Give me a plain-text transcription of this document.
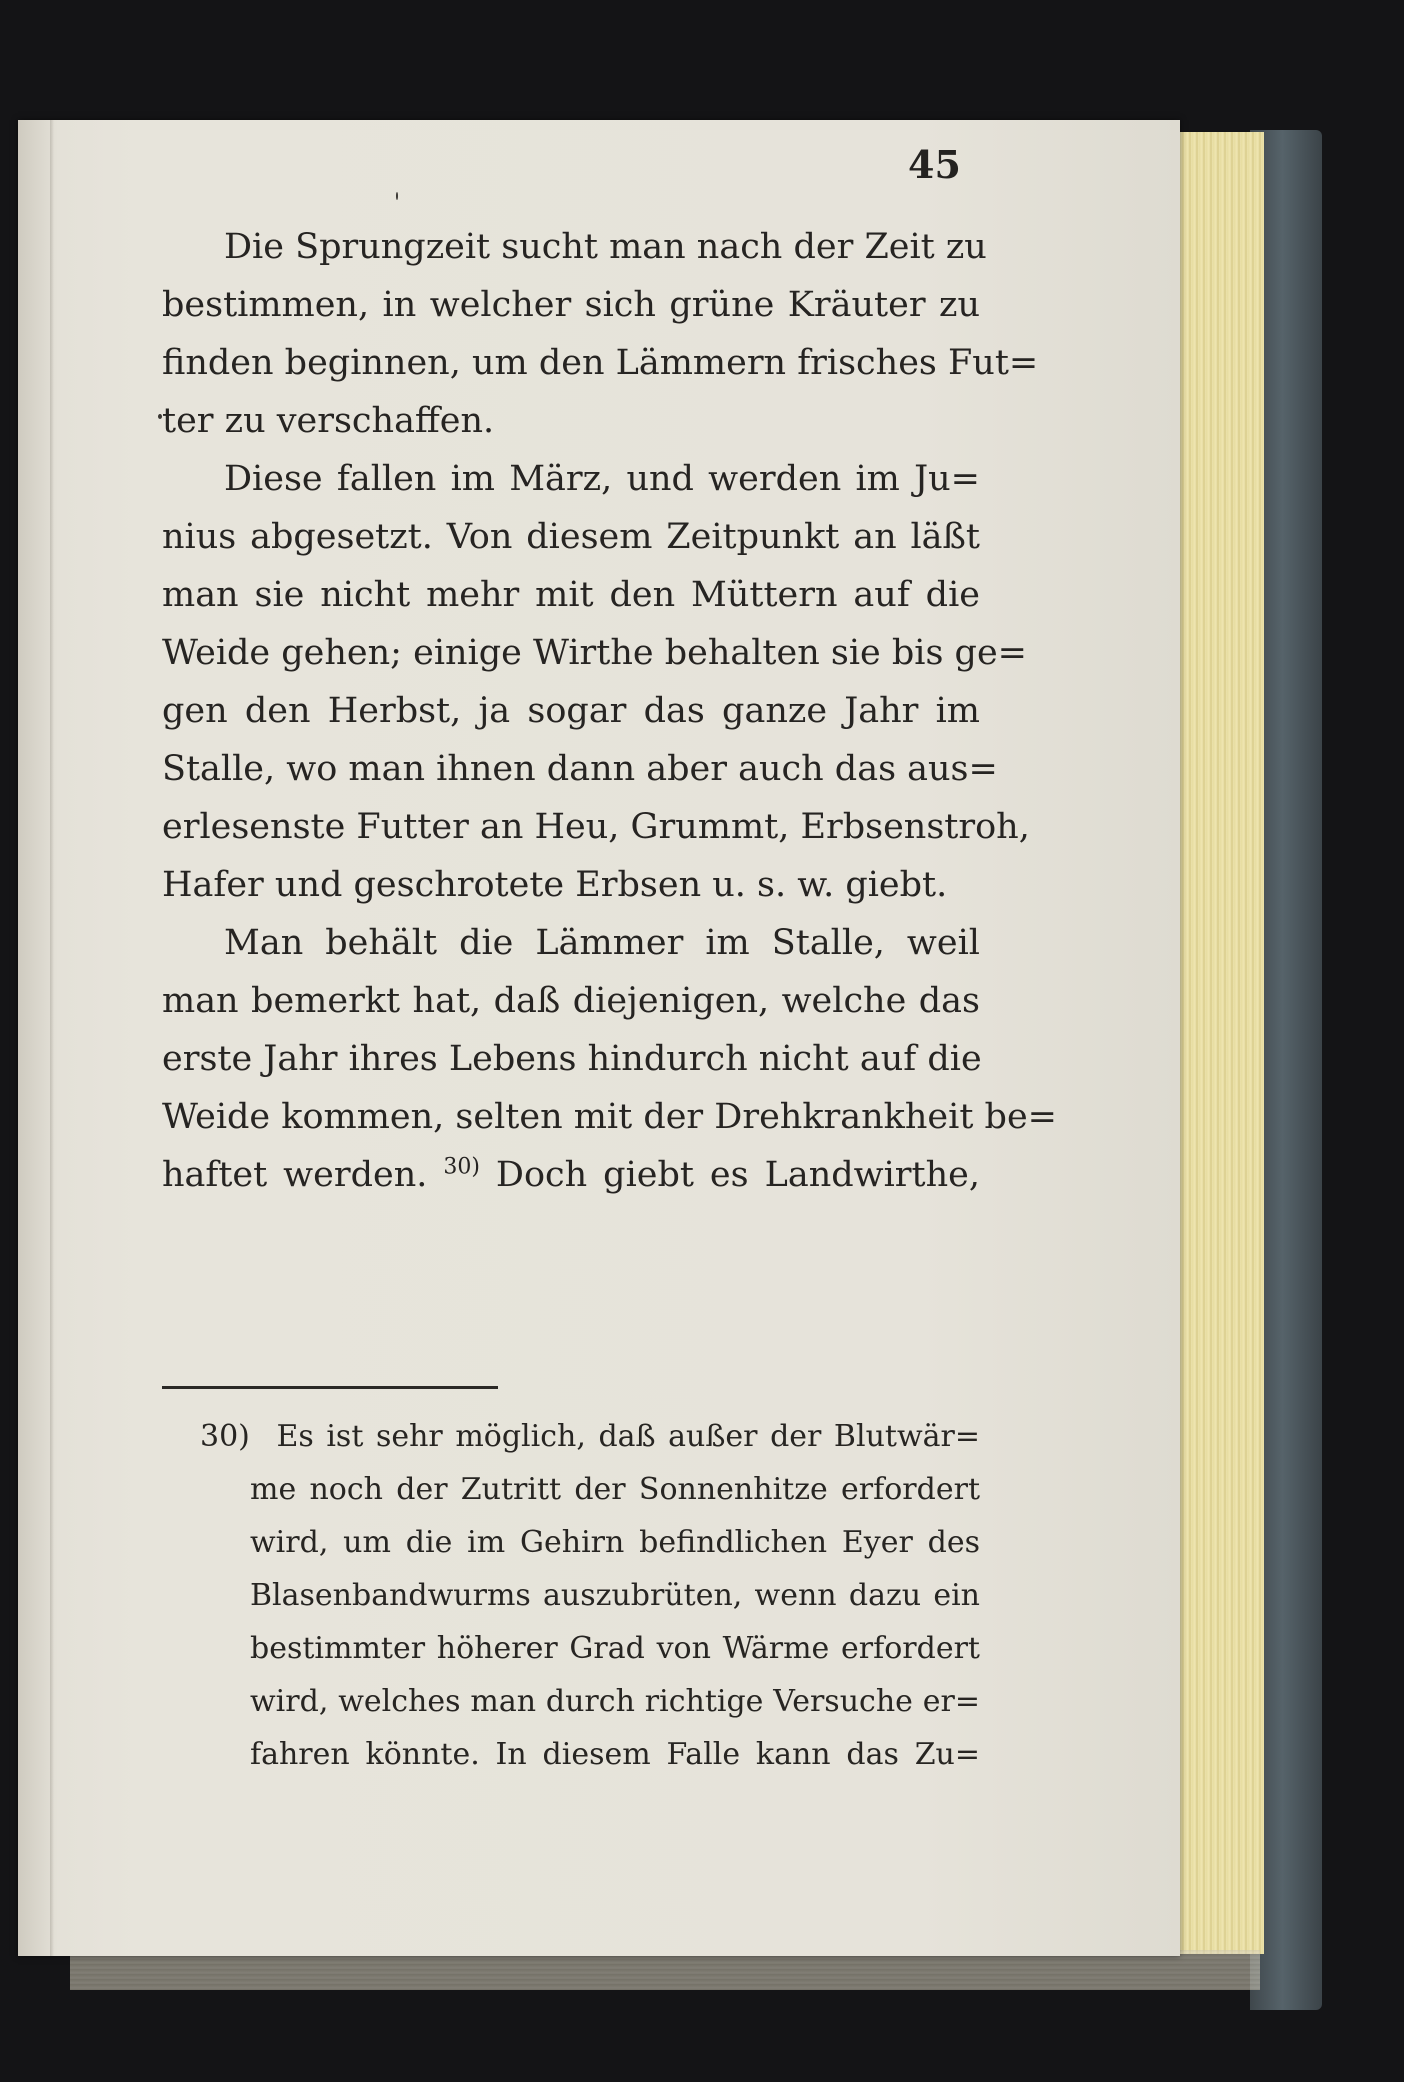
45
Die Sprungzeit sucht man nach der Zeit zu
bestimmen, in welcher sich grüne Kräuter zu
finden beginnen, um den Lämmern frisches Fut=
ter zu verschaffen.
Diese fallen im März, und werden im Ju=
nius abgesetzt. Von diesem Zeitpunkt an läßt
man sie nicht mehr mit den Müttern auf die
Weide gehen; einige Wirthe behalten sie bis ge=
gen den Herbst, ja sogar das ganze Jahr im
Stalle, wo man ihnen dann aber auch das aus=
erlesenste Futter an Heu, Grummt, Erbsenstroh,
Hafer und geschrotete Erbsen u. s. w. giebt.
Man behält die Lämmer im Stalle, weil
man bemerkt hat, daß diejenigen, welche das
erste Jahr ihres Lebens hindurch nicht auf die
Weide kommen, selten mit der Drehkrankheit be=
haftet werden. $^{30)}$ Doch giebt es Landwirthe,
30) Es ist sehr möglich, daß außer der Blutwär=
me noch der Zutritt der Sonnenhitze erfordert
wird, um die im Gehirn befindlichen Eyer des
Blasenbandwurms auszubrüten, wenn dazu ein
bestimmter höherer Grad von Wärme erfordert
wird, welches man durch richtige Versuche er=
fahren könnte. In diesem Falle kann das Zu=
